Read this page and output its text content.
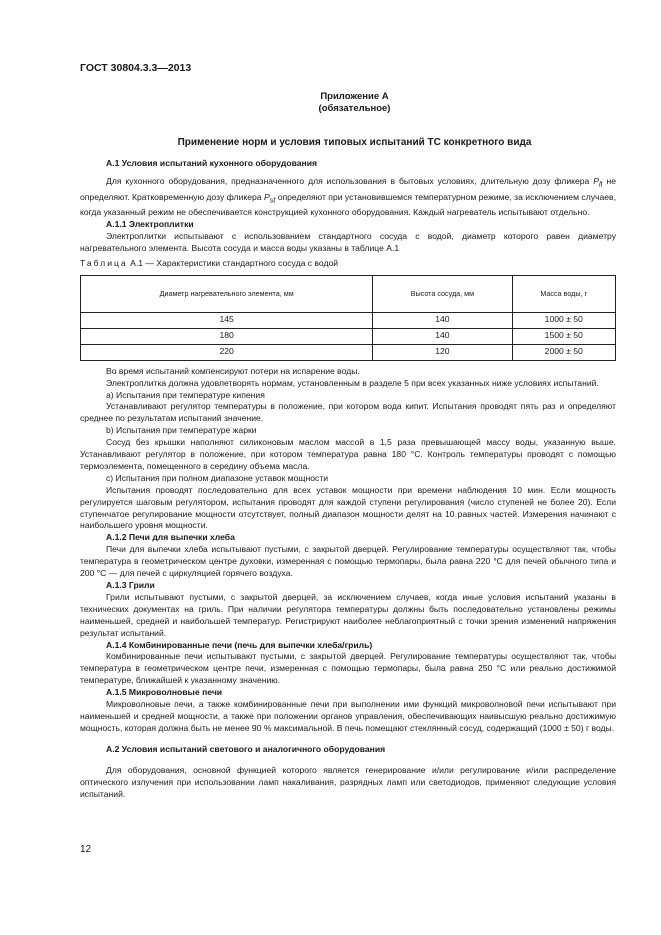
ГОСТ 30804.3.3—2013
Приложение А
(обязательное)
Применение норм и условия типовых испытаний ТС конкретного вида

А.1 Условия испытаний кухонного оборудования

Для кухонного оборудования, предназначенного для использования в бытовых условиях, длительную дозу фликера $P_{lt}$ не определяют. Кратковременную дозу фликера $P_{st}$ определяют при установившемся температурном режиме, за исключением случаев, когда указанный режим не обеспечивается конструкцией кухонного оборудования. Каждый нагреватель испытывают отдельно.

А.1.1 Электроплитки

Электроплитки испытывают с использованием стандартного сосуда с водой, диаметр которого равен диаметру нагревательного элемента. Высота сосуда и масса воды указаны в таблице А.1

Таблица А.1 — Характеристики стандартного сосуда с водой

Диаметр нагревательного элемента, мм	Высота сосуда, мм	Масса воды, г
145	140	1000 ± 50
180	140	1500 ± 50
220	120	2000 ± 50

Во время испытаний компенсируют потери на испарение воды.

Электроплитка должна удовлетворять нормам, установленным в разделе 5 при всех указанных ниже условиях испытаний.

а) Испытания при температуре кипения

Устанавливают регулятор температуры в положение, при котором вода кипит. Испытания проводят пять раз и определяют среднее по результатам испытаний значение.

b) Испытания при температуре жарки

Сосуд без крышки наполняют силиконовым маслом массой в 1,5 раза превышающей массу воды, указанную выше. Устанавливают регулятор в положение, при котором температура равна 180 °С. Контроль температуры проводят с помощью термоэлемента, помещенного в середину объема масла.

с) Испытания при полном диапазоне уставок мощности

Испытания проводят последовательно для всех уставок мощности при времени наблюдения 10 мин. Если мощность регулируется шаговым регулятором, испытания проводят для каждой ступени регулирования (число ступеней не более 20). Если ступенчатое регулирование мощности отсутствует, полный диапазон мощности делят на 10 равных частей. Измерения начинают с наибольшего уровня мощности.

А.1.2 Печи для выпечки хлеба

Печи для выпечки хлеба испытывают пустыми, с закрытой дверцей. Регулирование температуры осуществляют так, чтобы температура в геометрическом центре духовки, измеренная с помощью термопары, была равна 220 °С для печей обычного типа и 200 °С — для печей с циркуляцией горячего воздуха.

А.1.3 Грили

Грили испытывают пустыми, с закрытой дверцей, за исключением случаев, когда иные условия испытаний указаны в технических документах на гриль. При наличии регулятора температуры должны быть последовательно установлены режимы наименьшей, средней и наибольшей температур. Регистрируют наиболее неблагоприятный с точки зрения изменений напряжения результат испытаний.

А.1.4 Комбинированные печи (печь для выпечки хлеба/гриль)

Комбинированные печи испытывают пустыми, с закрытой дверцей. Регулирование температуры осуществляют так, чтобы температура в геометрическом центре печи, измеренная с помощью термопары, была равна 250 °С или реально достижимой температуре, ближайшей к указанному значению.

А.1.5 Микроволновые печи

Микроволновые печи, а также комбинированные печи при выполнении ими функций микроволновой печи испытывают при наименьшей и средней мощности, а также при положении органов управления, обеспечивающих наивысшую реально достижимую мощность, которая должна быть не менее 90 % максимальной. В печь помещают стеклянный сосуд, содержащий (1000 ± 50) г воды.

А.2 Условия испытаний светового и аналогичного оборудования

Для оборудования, основной функцией которого является генерирование и/или регулирование и/или распределение оптического излучения при использовании ламп накаливания, разрядных ламп или светодиодов, применяют следующие условия испытаний.

12
